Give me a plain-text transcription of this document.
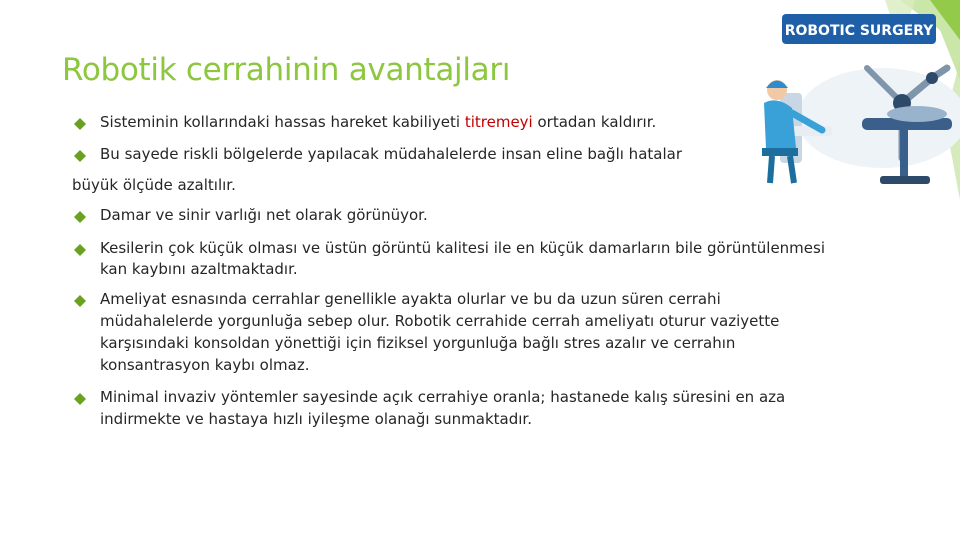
ROBOTIC SURGERY
Robotik cerrahinin avantajları
Sisteminin kollarındaki hassas hareket kabiliyeti titremeyi ortadan kaldırır.
Bu sayede riskli bölgelerde yapılacak müdahalelerde insan eline bağlı hatalar
büyük ölçüde azaltılır.
Damar ve sinir varlığı net olarak görünüyor.
Kesilerin çok küçük olması ve üstün görüntü kalitesi ile en küçük damarların bile görüntülenmesi
kan kaybını azaltmaktadır.
Ameliyat esnasında cerrahlar genellikle ayakta olurlar ve bu da uzun süren cerrahi
müdahalelerde yorgunluğa sebep olur. Robotik cerrahide cerrah ameliyatı oturur vaziyette
karşısındaki konsoldan yönettiği için fiziksel yorgunluğa bağlı stres azalır ve cerrahın
konsantrasyon kaybı olmaz.
Minimal invaziv yöntemler sayesinde açık cerrahiye oranla; hastanede kalış süresini en aza
indirmekte ve hastaya hızlı iyileşme olanağı sunmaktadır.
